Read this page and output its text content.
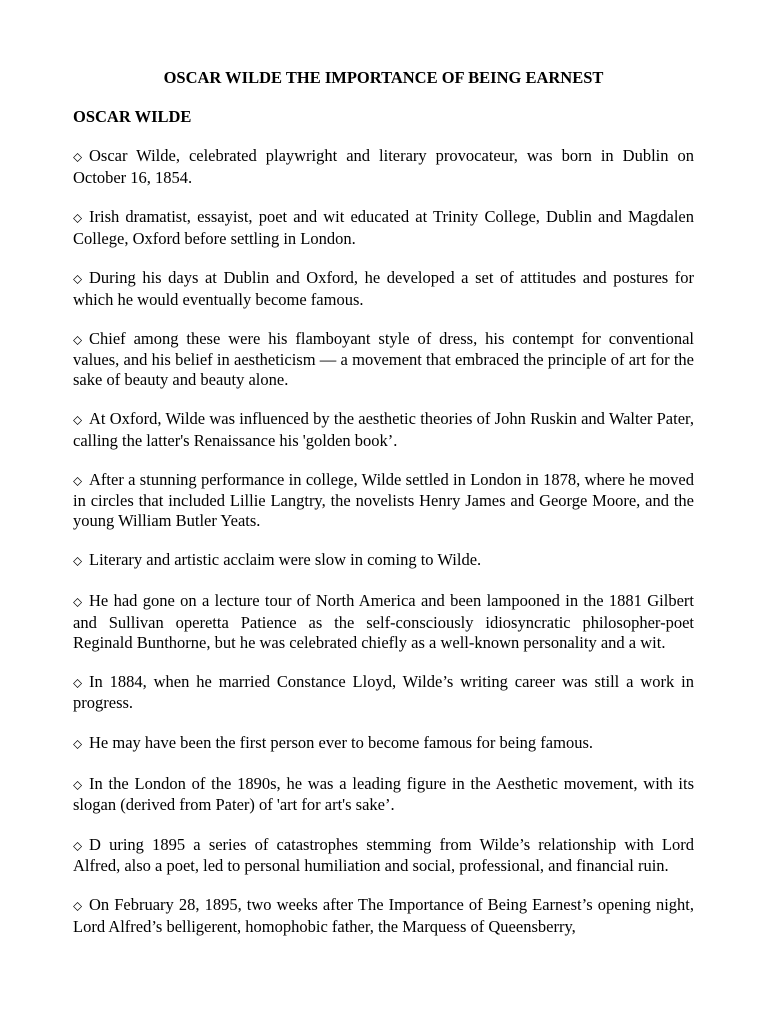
OSCAR WILDE THE IMPORTANCE OF BEING EARNEST
OSCAR WILDE
⬦ Oscar Wilde, celebrated playwright and literary provocateur, was born in Dublin on October 16, 1854.
⬦ Irish dramatist, essayist, poet and wit educated at Trinity College, Dublin and Magdalen College, Oxford before settling in London.
⬦ During his days at Dublin and Oxford, he developed a set of attitudes and postures for which he would eventually become famous.
⬦ Chief among these were his flamboyant style of dress, his contempt for conventional values, and his belief in aestheticism — a movement that embraced the principle of art for the sake of beauty and beauty alone.
⬦ At Oxford, Wilde was influenced by the aesthetic theories of John Ruskin and Walter Pater, calling the latter's Renaissance his 'golden book’.
⬦ After a stunning performance in college, Wilde settled in London in 1878, where he moved in circles that included Lillie Langtry, the novelists Henry James and George Moore, and the young William Butler Yeats.
⬦ Literary and artistic acclaim were slow in coming to Wilde.
⬦ He had gone on a lecture tour of North America and been lampooned in the 1881 Gilbert and Sullivan operetta Patience as the self-consciously idiosyncratic philosopher-poet Reginald Bunthorne, but he was celebrated chiefly as a well-known personality and a wit.
⬦ In 1884, when he married Constance Lloyd, Wilde’s writing career was still a work in progress.
⬦ He may have been the first person ever to become famous for being famous.
⬦ In the London of the 1890s, he was a leading figure in the Aesthetic movement, with its slogan (derived from Pater) of 'art for art's sake’.
⬦ D uring 1895 a series of catastrophes stemming from Wilde’s relationship with Lord Alfred, also a poet, led to personal humiliation and social, professional, and financial ruin.
⬦ On February 28, 1895, two weeks after The Importance of Being Earnest’s opening night, Lord Alfred’s belligerent, homophobic father, the Marquess of Queensberry,
